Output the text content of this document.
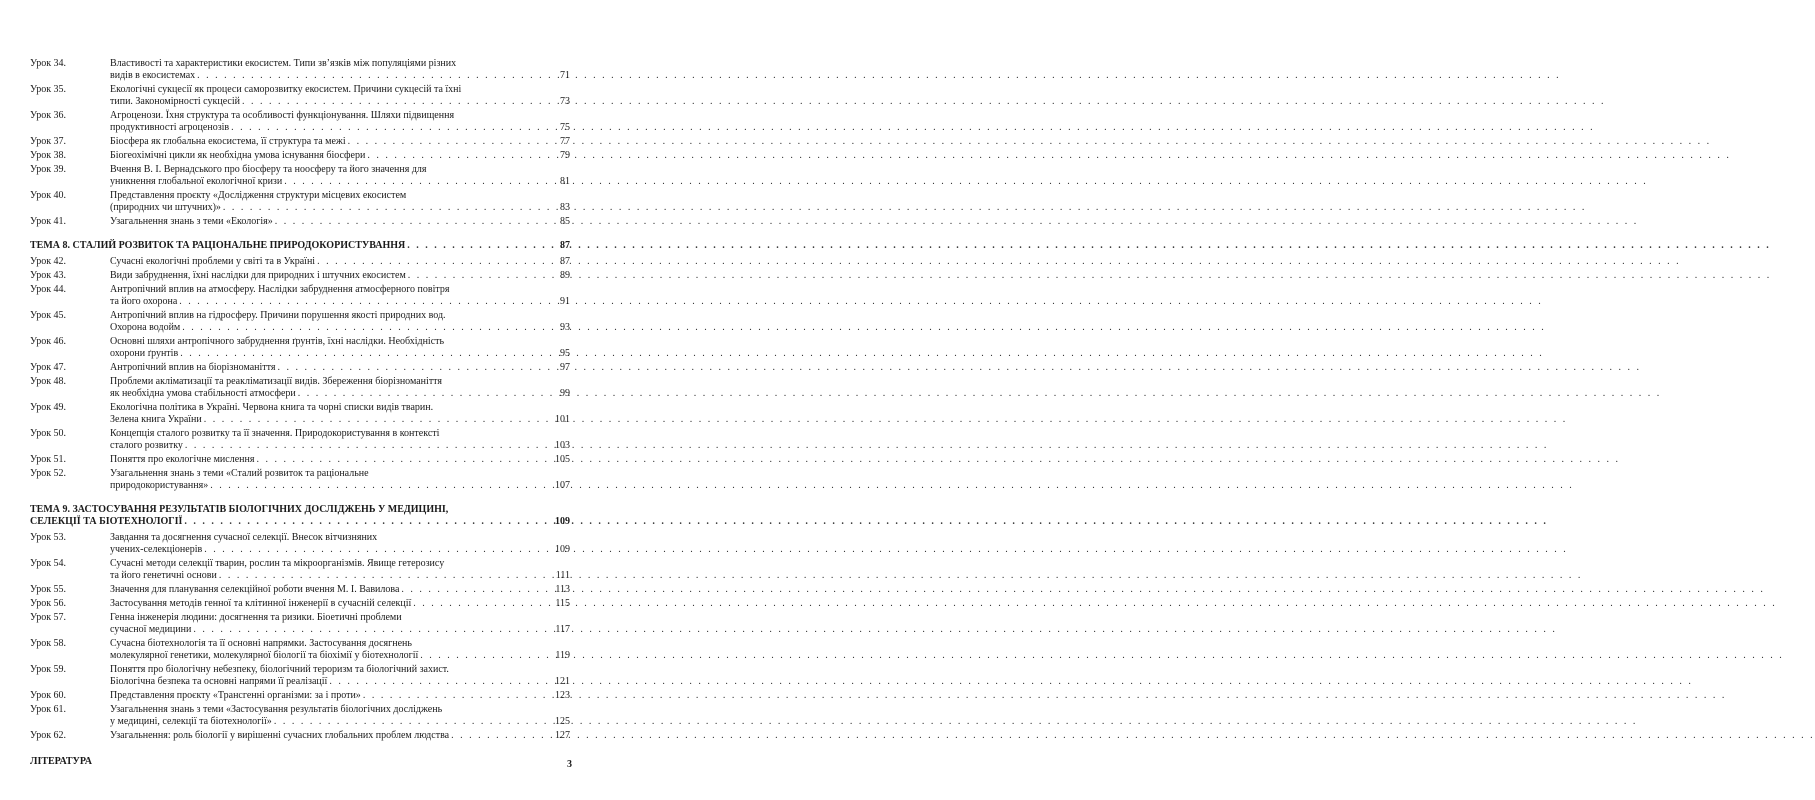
Урок 34.	Властивості та характеристики екосистем. Типи зв’язків між популяціями різних
видів в екосистемах . . .	71
Урок 35.	Екологічні сукцесії як процеси саморозвитку екосистем. Причини сукцесій та їхні
типи. Закономірності сукцесій . . .	73
Урок 36.	Агроценози. Їхня структура та особливості функціонування. Шляхи підвищення
продуктивності агроценозів . . .	75
Урок 37.	Біосфера як глобальна екосистема, її структура та межі . . .	77
Урок 38.	Біогеохімічні цикли як необхідна умова існування біосфери . . .	79
Урок 39.	Вчення В. І. Вернадського про біосферу та ноосферу та його значення для
уникнення глобальної екологічної кризи . . .	81
Урок 40.	Представлення проєкту «Дослідження структури місцевих екосистем
(природних чи штучних)» . . .	83
Урок 41.	Узагальнення знань з теми «Екологія» . . .	85
ТЕМА 8. СТАЛИЙ РОЗВИТОК ТА РАЦІОНАЛЬНЕ ПРИРОДОКОРИСТУВАННЯ . . .	87
Урок 42.	Сучасні екологічні проблеми у світі та в Україні . . .	87
Урок 43.	Види забруднення, їхні наслідки для природних і штучних екосистем . . .	89
Урок 44.	Антропічний вплив на атмосферу. Наслідки забруднення атмосферного повітря
та його охорона . . .	91
Урок 45.	Антропічний вплив на гідросферу. Причини порушення якості природних вод.
Охорона водойм . . .	93
Урок 46.	Основні шляхи антропічного забруднення ґрунтів, їхні наслідки. Необхідність
охорони ґрунтів . . .	95
Урок 47.	Антропічний вплив на біорізноманіття . . .	97
Урок 48.	Проблеми акліматизації та реакліматизації видів. Збереження біорізноманіття
як необхідна умова стабільності атмосфери . . .	99
Урок 49.	Екологічна політика в Україні. Червона книга та чорні списки видів тварин.
Зелена книга України . . .	101
Урок 50.	Концепція сталого розвитку та її значення. Природокористування в контексті
сталого розвитку . . .	103
Урок 51.	Поняття про екологічне мислення . . .	105
Урок 52.	Узагальнення знань з теми «Сталий розвиток та раціональне
природокористування» . . .	107
ТЕМА 9. ЗАСТОСУВАННЯ РЕЗУЛЬТАТІВ БІОЛОГІЧНИХ ДОСЛІДЖЕНЬ У МЕДИЦИНІ,
СЕЛЕКЦІЇ ТА БІОТЕХНОЛОГІЇ . . .	109
Урок 53.	Завдання та досягнення сучасної селекції. Внесок вітчизняних
учених-селекціонерів . . .	109
Урок 54.	Сучасні методи селекції тварин, рослин та мікроорганізмів. Явище гетерозису
та його генетичні основи . . .	111
Урок 55.	Значення для планування селекційної роботи вчення М. І. Вавилова . . .	113
Урок 56.	Застосування методів генної та клітинної інженерії в сучасній селекції . . .	115
Урок 57.	Генна інженерія людини: досягнення та ризики. Біоетичні проблеми
сучасної медицини . . .	117
Урок 58.	Сучасна біотехнологія та її основні напрямки. Застосування досягнень
молекулярної генетики, молекулярної біології та біохімії у біотехнології . . .	119
Урок 59.	Поняття про біологічну небезпеку, біологічний тероризм та біологічний захист.
Біологічна безпека та основні напрями її реалізації . . .	121
Урок 60.	Представлення проєкту «Трансгенні організми: за і проти» . . .	123
Урок 61.	Узагальнення знань з теми «Застосування результатів біологічних досліджень
у медицині, селекції та біотехнології» . . .	125
Урок 62.	Узагальнення: роль біології у вирішенні сучасних глобальних проблем людства . . .	127
ЛІТЕРАТУРА	3
